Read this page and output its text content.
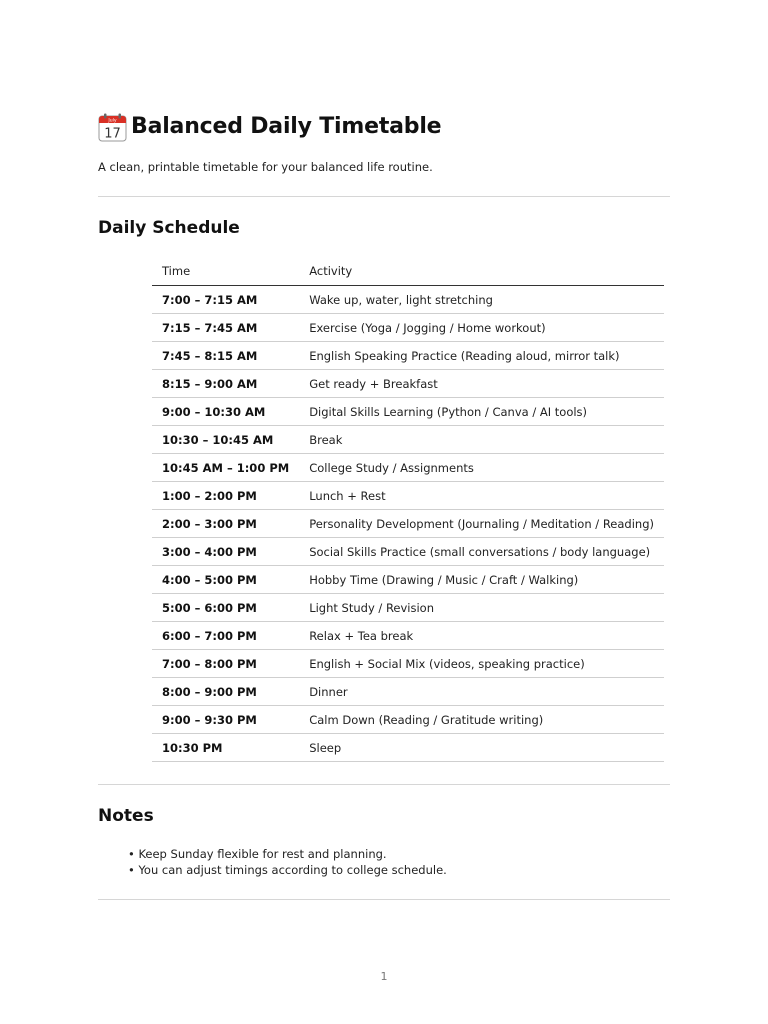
July
17 Balanced Daily Timetable
A clean, printable timetable for your balanced life routine.
Daily Schedule
Time	Activity
7:00 – 7:15 AM	Wake up, water, light stretching
7:15 – 7:45 AM	Exercise (Yoga / Jogging / Home workout)
7:45 – 8:15 AM	English Speaking Practice (Reading aloud, mirror talk)
8:15 – 9:00 AM	Get ready + Breakfast
9:00 – 10:30 AM	Digital Skills Learning (Python / Canva / AI tools)
10:30 – 10:45 AM	Break
10:45 AM – 1:00 PM	College Study / Assignments
1:00 – 2:00 PM	Lunch + Rest
2:00 – 3:00 PM	Personality Development (Journaling / Meditation / Reading)
3:00 – 4:00 PM	Social Skills Practice (small conversations / body language)
4:00 – 5:00 PM	Hobby Time (Drawing / Music / Craft / Walking)
5:00 – 6:00 PM	Light Study / Revision
6:00 – 7:00 PM	Relax + Tea break
7:00 – 8:00 PM	English + Social Mix (videos, speaking practice)
8:00 – 9:00 PM	Dinner
9:00 – 9:30 PM	Calm Down (Reading / Gratitude writing)
10:30 PM	Sleep
Notes
• Keep Sunday flexible for rest and planning.
• You can adjust timings according to college schedule.
1
